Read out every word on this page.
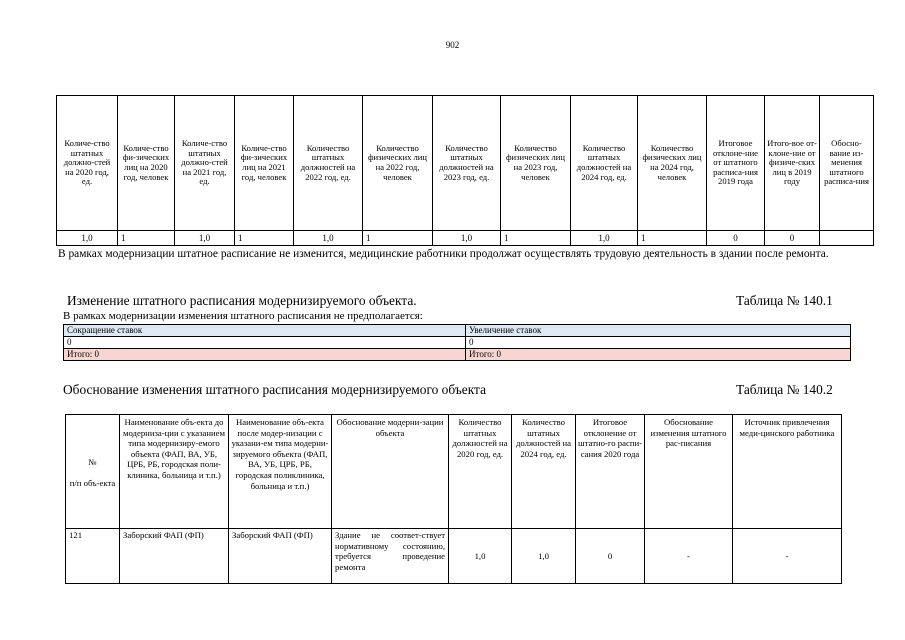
902
Количе-ство штатных должно-стей на 2020 год, ед.	Количе-ство фи-зических лиц на 2020 год, человек	Количе-ство штатных должно-стей на 2021 год, ед.	Количе-ство фи-зических лиц на 2021 год, человек	Количество штатных должностей на 2022 год, ед.	Количество физических лиц на 2022 год, человек	Количество штатных должностей на 2023 год, ед.	Количество физических лиц на 2023 год, человек	Количество штатных должностей на 2024 год, ед.	Количество физических лиц на 2024 год, человек	Итоговое отклоне-ние от штатного расписа-ния 2019 года	Итого-вое от-клоне-ние от физиче-ских лиц в 2019 году	Обосно-вание из-менения штатного расписа-ния
1,0	1	1,0	1	1,0	1	1,0	1	1,0	1	0	0	
В рамках модернизации штатное расписание не изменится, медицинские работники продолжат осуществлять трудовую деятельность в здании после ремонта.
Изменение штатного расписания модернизируемого объекта.	Таблица № 140.1
В рамках модернизации изменения штатного расписания не предполагается:
Сокращение ставок	Увеличение ставок
0	0
Итого: 0	Итого: 0
Обоснование изменения штатного расписания модернизируемого объекта	Таблица № 140.2
№

п/п объ-екта	Наименование объ-екта до модерниза-ции с указанием типа модернизиру-емого объекта (ФАП, ВА, УБ, ЦРБ, РБ, городская поли-клиника, больница и т.п.)	Наименование объ-екта после модер-низации с указани-ем типа модерни-зируемого объекта (ФАП, ВА, УБ, ЦРБ, РБ, городская поликлиника, больница и т.п.)	Обоснование модерни-зации объекта	Количество штатных должностей на 2020 год, ед.	Количество штатных должностей на 2024 год, ед.	Итоговое отклонение от штатно-го распи-сания 2020 года	Обоснование изменения штатного рас-писания	Источник привлечения меди-цинского работника
121	Заборский ФАП (ФП)	Заборский ФАП (ФП)	Здание не соответ-ствует нормативному состоянию, требуется проведение ремонта	1,0	1,0	0	-	-
